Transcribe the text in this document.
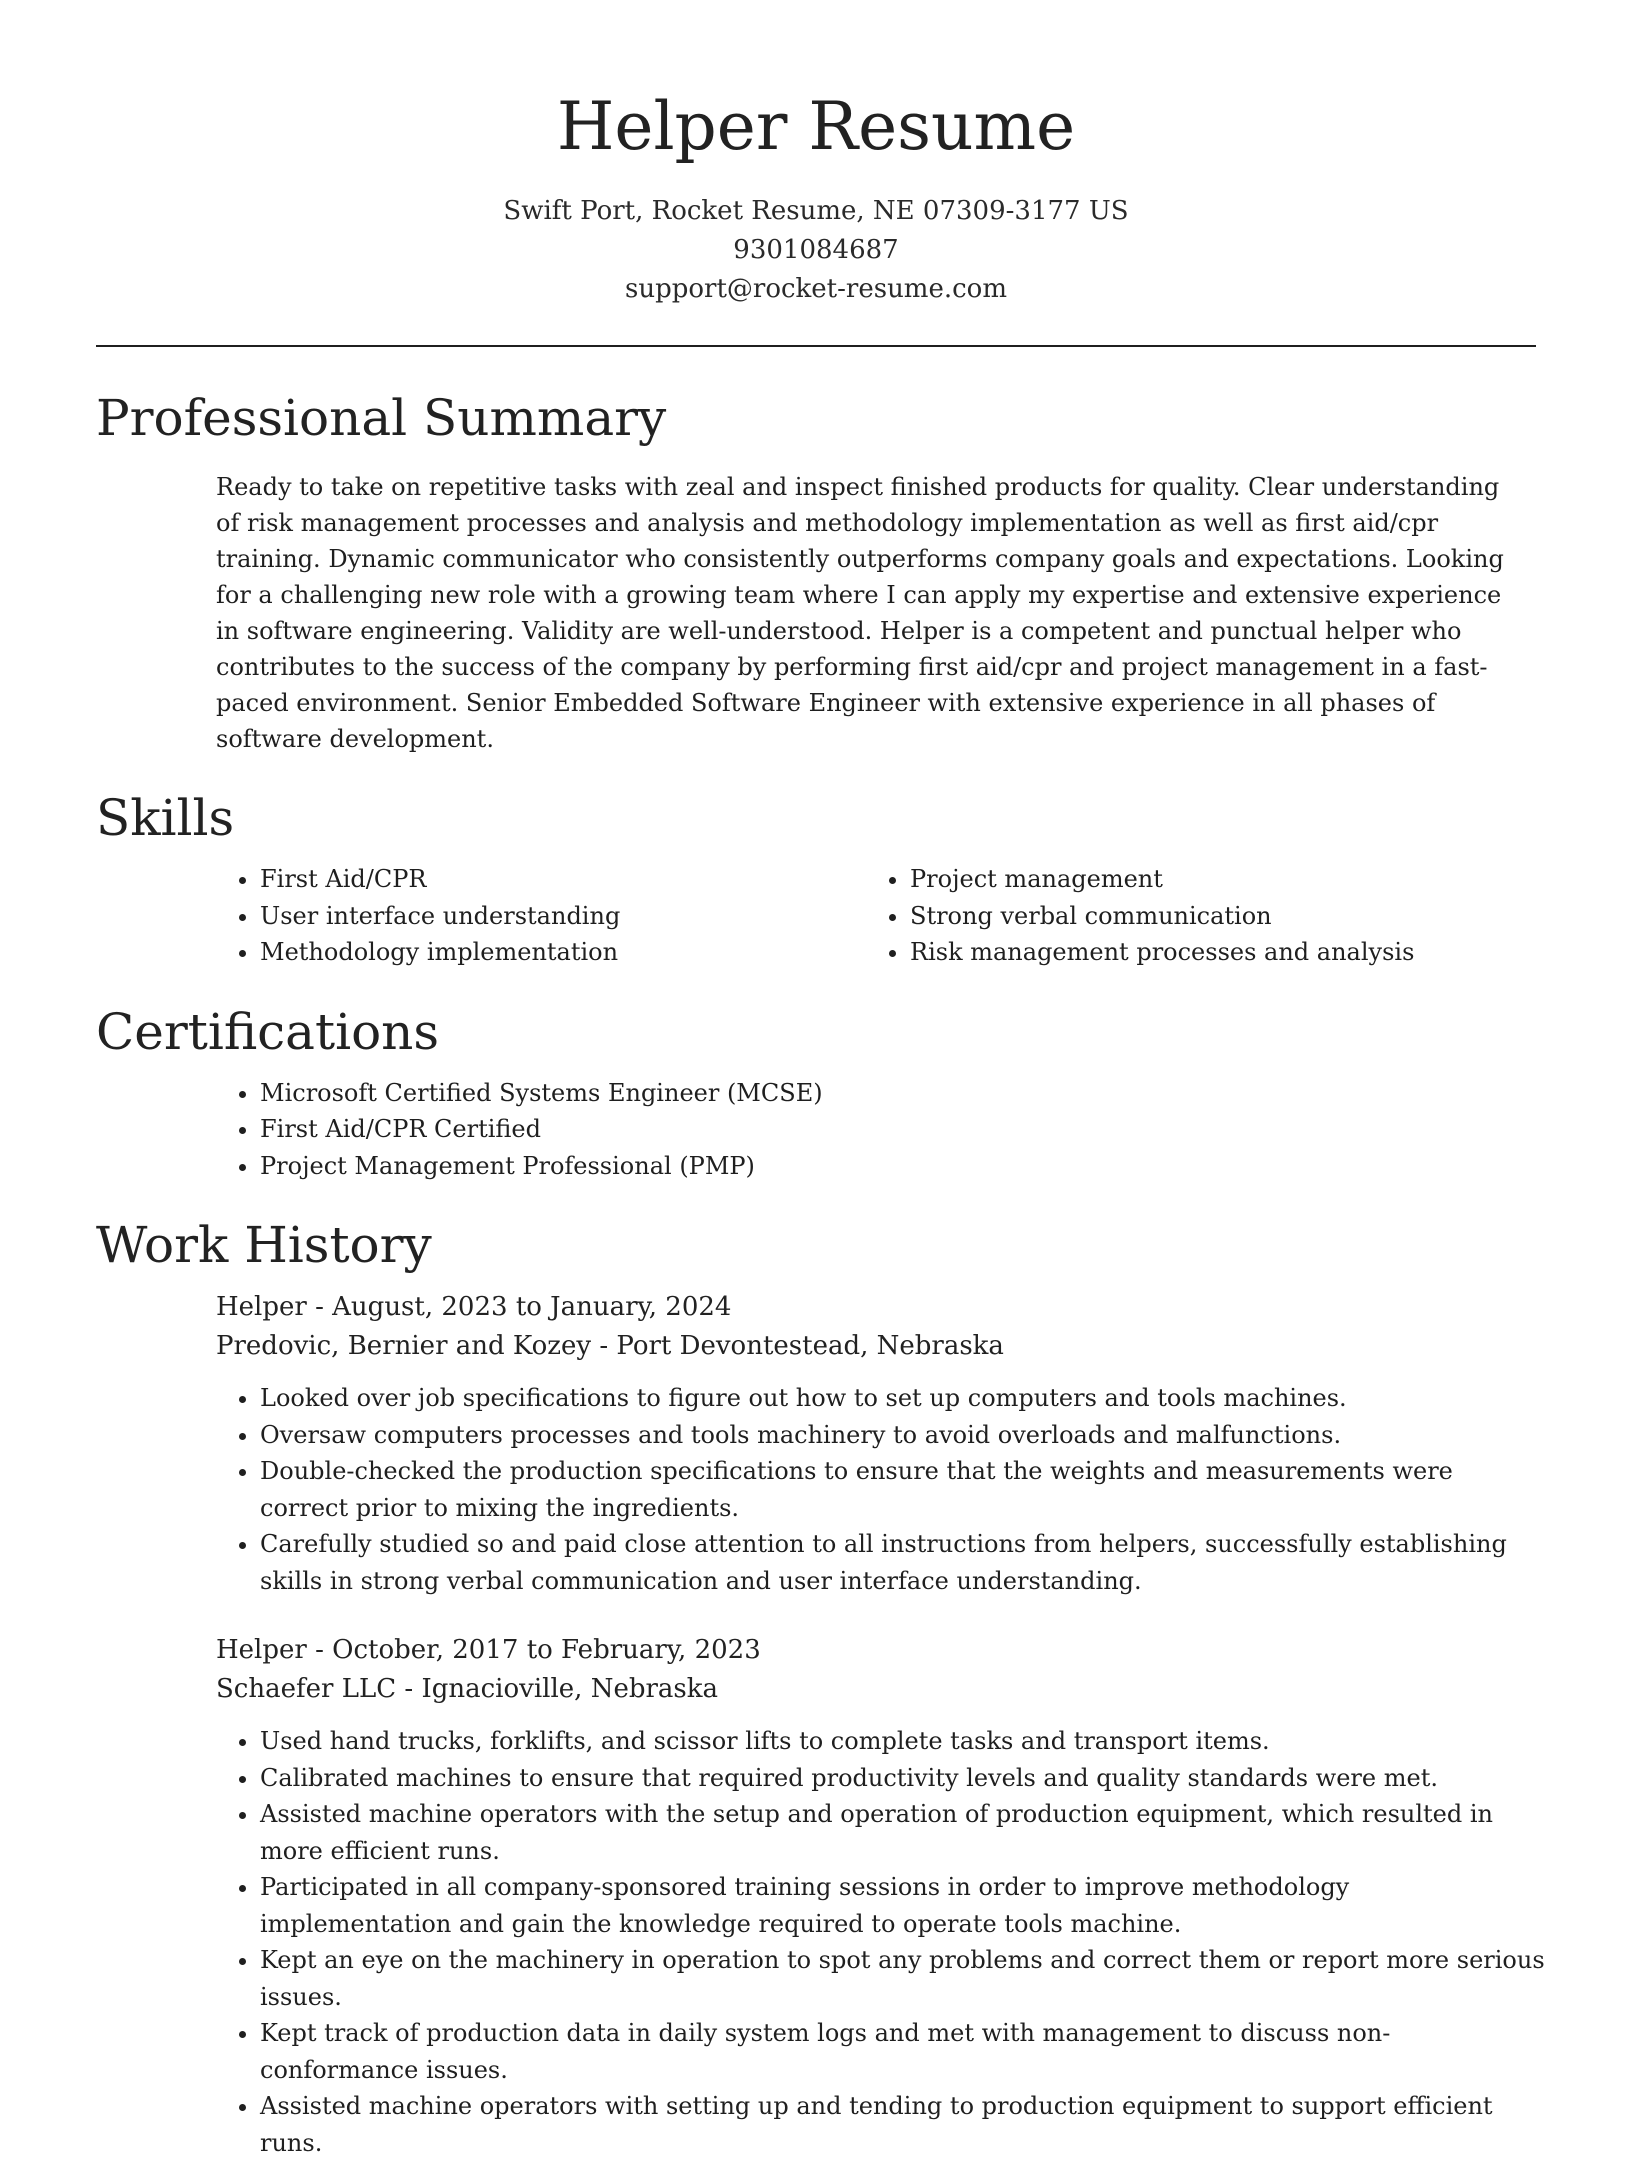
Helper Resume
Swift Port, Rocket Resume, NE 07309-3177 US
9301084687
support@rocket-resume.com
Professional Summary
Ready to take on repetitive tasks with zeal and inspect finished products for quality. Clear understanding of risk management processes and analysis and methodology implementation as well as first aid/cpr training. Dynamic communicator who consistently outperforms company goals and expectations. Looking for a challenging new role with a growing team where I can apply my expertise and extensive experience in software engineering. Validity are well-understood. Helper is a competent and punctual helper who contributes to the success of the company by performing first aid/cpr and project management in a fast-paced environment. Senior Embedded Software Engineer with extensive experience in all phases of software development.
Skills
• First Aid/CPR
• User interface understanding
• Methodology implementation
• Project management
• Strong verbal communication
• Risk management processes and analysis
Certifications
• Microsoft Certified Systems Engineer (MCSE)
• First Aid/CPR Certified
• Project Management Professional (PMP)
Work History
Helper - August, 2023 to January, 2024
Predovic, Bernier and Kozey - Port Devontestead, Nebraska
• Looked over job specifications to figure out how to set up computers and tools machines.
• Oversaw computers processes and tools machinery to avoid overloads and malfunctions.
• Double-checked the production specifications to ensure that the weights and measurements were correct prior to mixing the ingredients.
• Carefully studied so and paid close attention to all instructions from helpers, successfully establishing skills in strong verbal communication and user interface understanding.
Helper - October, 2017 to February, 2023
Schaefer LLC - Ignacioville, Nebraska
• Used hand trucks, forklifts, and scissor lifts to complete tasks and transport items.
• Calibrated machines to ensure that required productivity levels and quality standards were met.
• Assisted machine operators with the setup and operation of production equipment, which resulted in more efficient runs.
• Participated in all company-sponsored training sessions in order to improve methodology implementation and gain the knowledge required to operate tools machine.
• Kept an eye on the machinery in operation to spot any problems and correct them or report more serious issues.
• Kept track of production data in daily system logs and met with management to discuss non-conformance issues.
• Assisted machine operators with setting up and tending to production equipment to support efficient runs.
